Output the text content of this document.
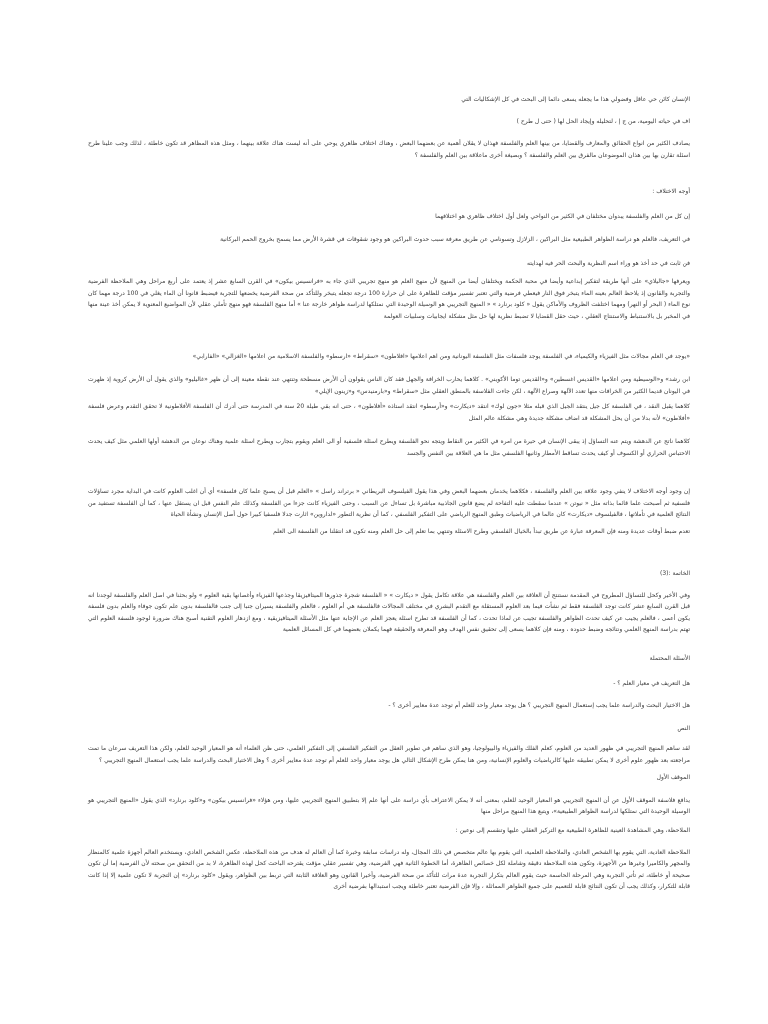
الإنسان كائن حي عاقل وفضولي هذا ما يجعله يسعى دائما إلى البحث في كل الإشكاليات التي
اف في حياته اليومية، من ج إ ، لتحليله وإيجاد الحل لها ( حتى ل طرح )
يصادف الكثير من انواع الحقائق والمعارف والقضايا، من بينها العلم والفلسفة فهذان لا يقلان أهمية عن بعضهما البعض ، وهناك اختلاف ظاهري يوحي على أنه ليست هناك علاقة بينهما ، ومثل هذه المظاهر قد تكون خاطئة ، لذلك وجب علينا طرح اسئلة تقارن بها بين هذان الموضوعان مالفرق بين العلم والفلسفة ؟ وبصيغة أخرى ماعلاقة بين العلم والفلسفة ؟
أوجه الاختلاف :
إن كل من العلم والفلسفة يبدوان مختلفان في الكثير من النواحي ولعل أول اختلاف ظاهري هو اختلافهما
في التعريف، فالعلم هو دراسة الظواهر الطبيعية مثل البراكين ، الزلازل وتسونامي عن طريق معرفة سبب حدوث البراكين هو وجود شقوقات في قشرة الأرض مما يسمح بخروج الحمم البركانية
فن ثابت في حد أخذ هو وراء اسم النظرية والبحث الحر فيه لهدايته
ويعرفها «جاليلاي» على أنها طريقة لتفكير إبداعية وأيضا في محبة الحكمة ويختلفان أيضا من المنهج لأن منهج العلم هو منهج تجريبي الذي جاء به «فرانسيس بيكون» في القرن السابع عشر إذ يعتمد على أربع مراحل وهي الملاحظة الفرضية والتجربة والقانون إذ يلاحظ العالم بعينه الماء يتبخر فوق النار فيعطي فرضية والتي تعتبر تفسير مؤقت للظاهرة على ان حرارة 100 درجة تجعله يتبخر وللتأكد من صحة الفرضية يخضعها للتجربة فيضبط قانونا أن الماء يغلي في 100 درجة مهما كان نوع الماء ( البحر أو النهر) ومهما اختلفت الظروف والأماكن يقول « كلود برنارد » « المنهج التجريبي هو الوسيلة الوحيدة التي نمتلكها لدراسة ظواهر خارجة عنا » أما منهج الفلسفة فهو منهج تأملي عقلي لأن المواضيع المعنوية لا يمكن أخذ عينة منها في المخبر بل بالاستنباط والاستنتاج العقلي ، حيث حقل القضايا لا تضبط نظرية لها حل مثل مشكلة ايجابيات وسلبيات العولمة
«يوجد في العلم مجالات مثل الفيزياء والكيمياء، في الفلسفة يوجد فلسفات مثل الفلسفة اليونانية ومن اهم اعلامها «افلاطون» «سقراط» «ارسطو» والفلسفة الاسلامية من اعلامها «الغزالي» «الفارابي»
ابن رشد» و«الوسيطية ومن اعلامها «القديس اغسطين» و«القديس توما الأكويني» . كلاهما يحارب الخرافة والجهل فقد كان الناس يقولون أن الأرض مسطحة وتنتهي عند نقطة معينة إلى أن ظهر «غاليليو» والذي يقول أن الأرض كروية إذ ظهرت في اليونان قديما الكثير من الخرافات منها تعدد الآلهة وصراع الآلهة ، لكن جاءت الفلاسفة بالمنطق العقلي مثل «سقراط» و«بارمنيدس» و«زينون الإيلي»
كلاهما يقبل النقد ، في الفلسفة كل جيل ينتقد الجيل الذي قبله مثلا «جون لوك» انتقد «ديكارت» و«أرسطو» انتقد استاذه «أفلاطون» ، حتى انه بقي طيلة 20 سنة في المدرسة حتى أدرك أن الفلسفة الأفلاطونية لا تحقق التقدم وعرض فلسفة «أفلاطون» لأنه بدلا من أن يحل المشكلة قد اضاف مشكلة جديدة وهي مشكلة عالم المثل
كلاهما ناتج عن الدهشة ويتم عنه التساؤل إذ يبقى الإنسان في حيرة من امره في الكثير من النقاط ويتجه نحو الفلسفة ويطرح اسئلة فلسفية أو الى العلم ويقوم بتجارب ويطرح اسئلة علمية وهناك نوعان من الدهشة أولها العلمي مثل كيف يحدث الاحتباس الحراري أو الكسوف أو كيف يحدث تساقط الأمطار وثانيها الفلسفي مثل ما هي العلاقة بين النفس والجسد
إن وجود أوجه الاختلاف لا ينفي وجود علاقة بين العلم والفلسفة ، فكلاهما يخدمان بعضهما البعض وفي هذا يقول الفيلسوف البريطاني « برتراند راسل » «العلم قبل أن يصبح علما كان فلسفة» أي أن اغلب العلوم كانت في البداية مجرد تساؤلات فلسفية ثم أصبحت علما قائما بذاته مثل « نيوتن » عندما سقطت عليه التفاحة لم يضع قانون الجاذبية مباشرة بل تساءل عن السبب ، وحتى الفيزياء كانت جزءا من الفلسفة وكذلك علم النفس قبل ان يستقل عنها ، كما أن الفلسفة تستفيد من النتائج العلمية في تأملاتها ، فالفيلسوف «ديكارت» كان عالما في الرياضيات وطبق المنهج الرياضي على التفكير الفلسفي ، كما أن نظرية التطور «لداروين» اثارت جدلا فلسفيا كبيرا حول أصل الإنسان ونشأة الحياة
تعدم ضبط أوقات عديدة ومنه فإن المعرفة عبارة عن طريق تبدأ بالخيال الفلسفي وطرح الاسئلة وتنتهي بما تعلم إلى حل العلم ومنه تكون قد انتقلنا من الفلسفة الى العلم
الخاتمة :(3)
وفي الأخير وكحل للتساؤل المطروح في المقدمة نستنتج أن العلاقة بين العلم والفلسفة هي علاقة تكامل يقول « ديكارت » « الفلسفة شجرة جذورها الميتافيزيقا وجذعها الفيزياء وأغصانها بقية العلوم » ولو بحثنا في اصل العلم والفلسفة لوجدنا انه قبل القرن السابع عشر كانت توجد الفلسفة فقط ثم نشأت فيما بعد العلوم المستقلة مع التقدم البشري في مختلف المجالات فالفلسفة هي أم العلوم ، فالعلم والفلسفة يسيران جنبا إلى جنب فالفلسفة بدون علم تكون جوفاء والعلم بدون فلسفة يكون أعمى ، فالعلم يجيب عن كيف تحدث الظواهر والفلسفة تجيب عن لماذا تحدث ، كما أن الفلسفة قد تطرح اسئلة يعجز العلم عن الإجابة عنها مثل الأسئلة الميتافيزيقية ، ومع ازدهار العلوم التقنية أصبح هناك ضرورة لوجود فلسفة العلوم التي تهتم بدراسة المنهج العلمي ونتائجه وضبط حدوده ، ومنه فإن كلاهما يسعى إلى تحقيق نفس الهدف وهو المعرفة والحقيقة فهما يكملان بعضهما في كل المسائل العلمية
الأسئلة المحتملة
هل التعريف في معيار العلم ؟ -
هل الاختيار البحث والدراسة علما يجب إستعمال المنهج التجريبي ؟ هل يوجد معيار واحد للعلم أم توجد عدة معايير أخرى ؟ -
النص
لقد ساهم المنهج التجريبي في ظهور العديد من العلوم، كعلم الفلك والفيزياء والبيولوجيا، وهو الذي ساهم في تطوير العقل من التفكير الفلسفي إلى التفكير العلمي، حتى ظن العلماء أنه هو المعيار الوحيد للعلم، ولكن هذا التعريف سرعان ما تمت مراجعته بعد ظهور علوم أخرى لا يمكن تطبيقه عليها كالرياضيات والعلوم الإنسانية، ومن هنا يمكن طرح الإشكال التالي هل يوجد معيار واحد للعلم أم توجد عدة معايير أخرى ؟ وهل الاختيار البحث والدراسة علما يجب استعمال المنهج التجريبي ؟
الموقف الأول
يدافع فلاسفة الموقف الأول عن أن المنهج التجريبي هو المعيار الوحيد للعلم، بمعنى أنه لا يمكن الاعتراف بأي دراسة على أنها علم إلا بتطبيق المنهج التجريبي عليها، ومن هؤلاء «فرانسيس بيكون» و«كلود برنارد» الذي يقول «المنهج التجريبي هو الوسيلة الوحيدة التي نمتلكها لدراسة الظواهر الطبيعية»، ويتبع هذا المنهج مراحل منها
الملاحظة، وهي المشاهدة العينية للظاهرة الطبيعية مع التركيز العقلي عليها وتنقسم إلى نوعين :
الملاحظة العادية، التي يقوم بها الشخص العادي، والملاحظة العلمية، التي يقوم بها عالم متخصص في ذلك المجال، وله دراسات سابقة وخبرة كما أن العالم له هدف من هذه الملاحظة، عكس الشخص العادي، ويستخدم العالم أجهزة علمية كالمنظار والمجهر والكاميرا وغيرها من الأجهزة، وتكون هذه الملاحظة دقيقة وشاملة لكل خصائص الظاهرة، أما الخطوة الثانية فهي الفرضية، وهي تفسير عقلي مؤقت يقترحه الباحث كحل لهذه الظاهرة، لا بد من التحقق من صحته لأن الفرضية إما أن تكون صحيحة أو خاطئة، ثم تأتي التجربة وهي المرحلة الحاسمة حيث يقوم العالم بتكرار التجربة عدة مرات للتأكد من صحة الفرضية، وأخيرا القانون وهو العلاقة الثابتة التي تربط بين الظواهر، ويقول «كلود برنارد» إن التجربة لا تكون علمية إلا إذا كانت قابلة للتكرار، وكذلك يجب أن تكون النتائج قابلة للتعميم على جميع الظواهر المماثلة ، وإلا فإن الفرضية تعتبر خاطئة ويجب استبدالها بفرضية أخرى
